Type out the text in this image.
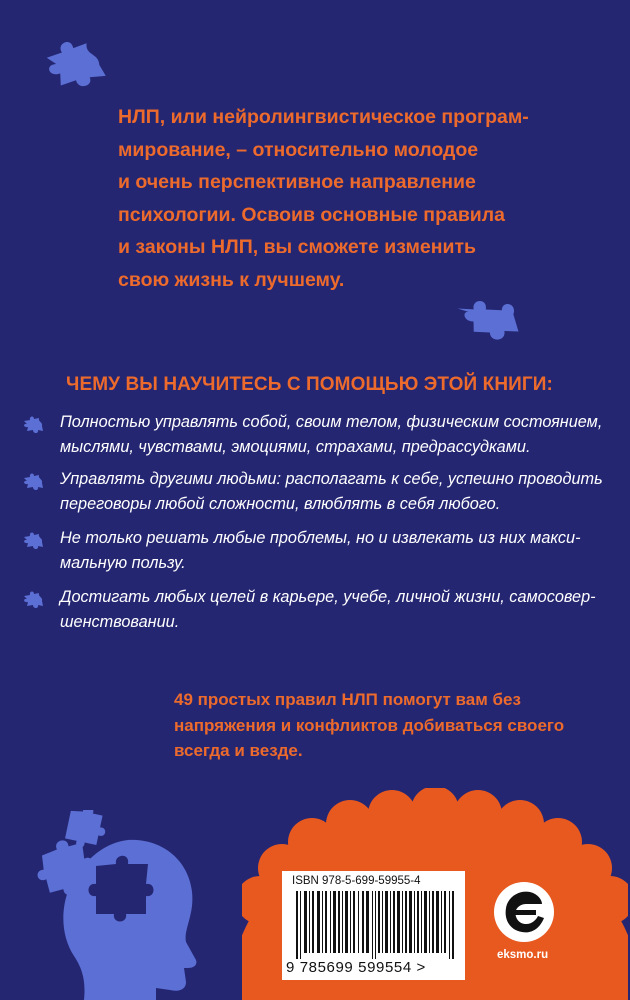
НЛП, или нейролингвистическое програм-
мирование, – относительно молодое
и очень перспективное направление
психологии. Освоив основные правила
и законы НЛП, вы сможете изменить
свою жизнь к лучшему.
ЧЕМУ ВЫ НАУЧИТЕСЬ С ПОМОЩЬЮ ЭТОЙ КНИГИ:
Полностью управлять собой, своим телом, физическим состоянием,
мыслями, чувствами, эмоциями, страхами, предрассудками.
Управлять другими людьми: располагать к себе, успешно проводить
переговоры любой сложности, влюблять в себя любого.
Не только решать любые проблемы, но и извлекать из них макси-
мальную пользу.
Достигать любых целей в карьере, учебе, личной жизни, самосовер-
шенствовании.
49 простых правил НЛП помогут вам без
напряжения и конфликтов добиваться своего
всегда и везде.
ISBN 978-5-699-59955-4
9 785699 599554 >
eksmo.ru
